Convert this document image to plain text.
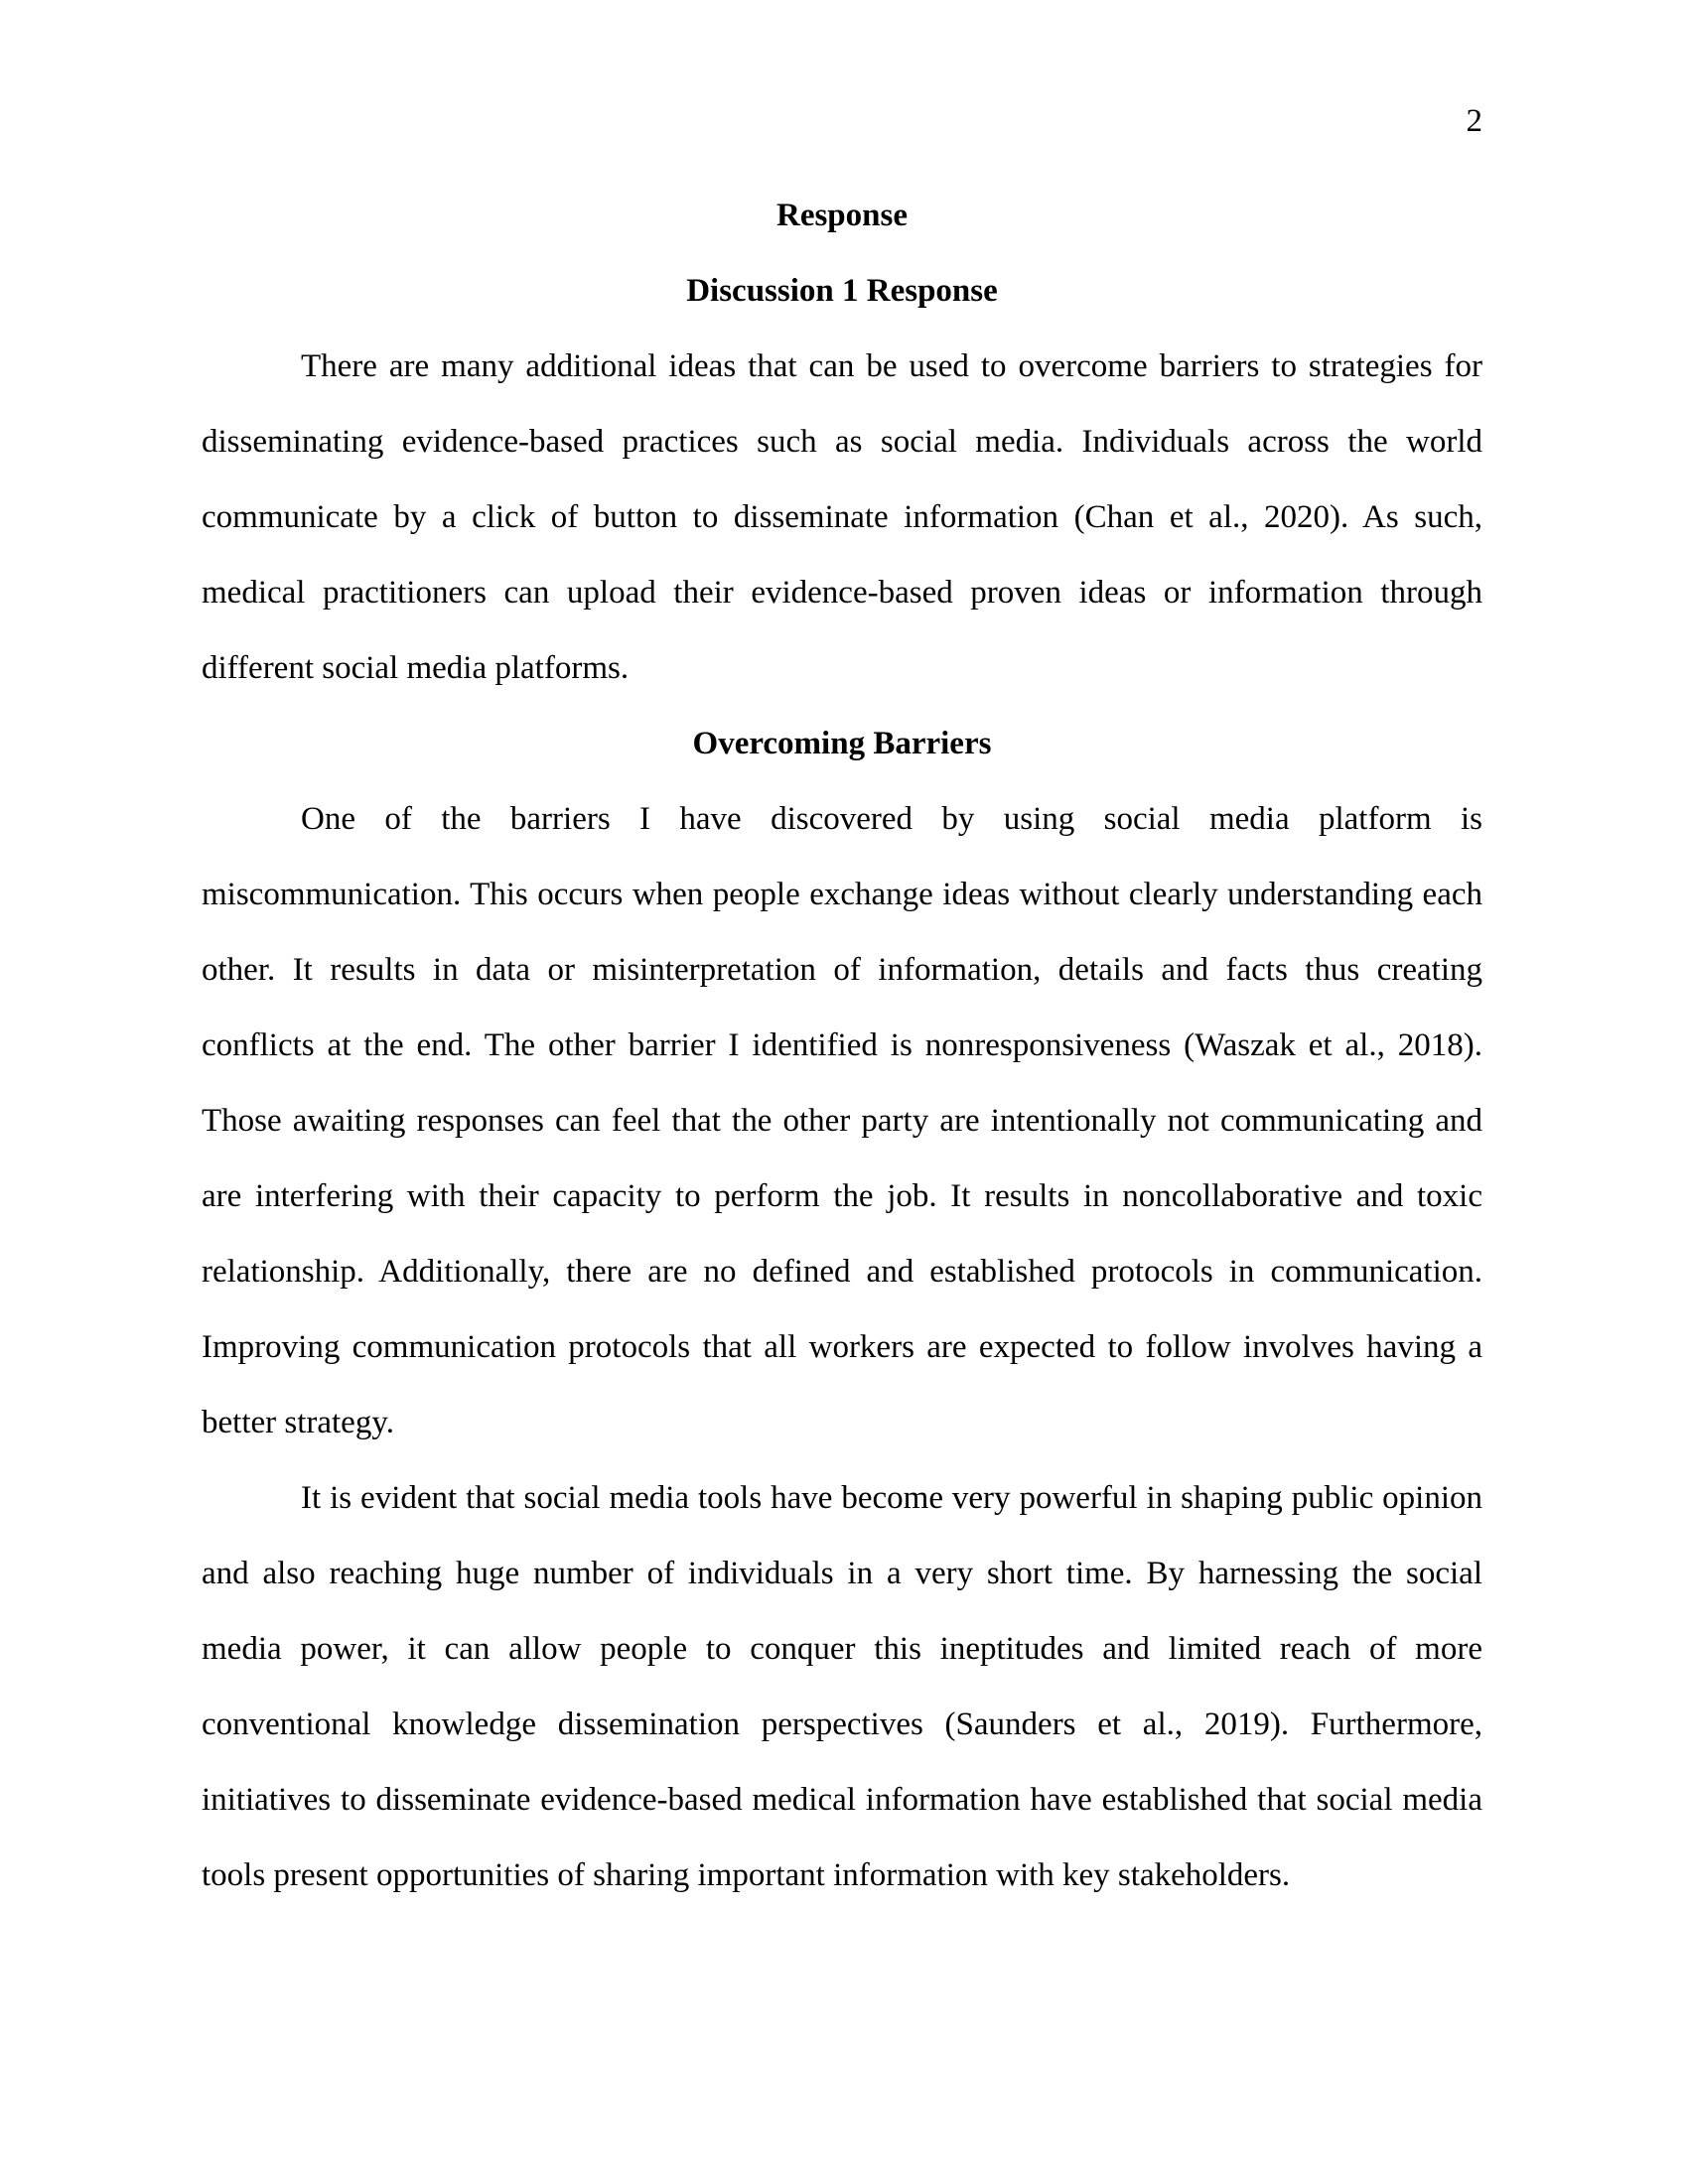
2
Response
Discussion 1 Response

There are many additional ideas that can be used to overcome barriers to strategies for disseminating evidence-based practices such as social media. Individuals across the world communicate by a click of button to disseminate information (Chan et al., 2020). As such, medical practitioners can upload their evidence-based proven ideas or information through different social media platforms.

Overcoming Barriers

One of the barriers I have discovered by using social media platform is miscommunication. This occurs when people exchange ideas without clearly understanding each other. It results in data or misinterpretation of information, details and facts thus creating conflicts at the end. The other barrier I identified is nonresponsiveness (Waszak et al., 2018). Those awaiting responses can feel that the other party are intentionally not communicating and are interfering with their capacity to perform the job. It results in noncollaborative and toxic relationship. Additionally, there are no defined and established protocols in communication. Improving communication protocols that all workers are expected to follow involves having a better strategy.

It is evident that social media tools have become very powerful in shaping public opinion and also reaching huge number of individuals in a very short time. By harnessing the social media power, it can allow people to conquer this ineptitudes and limited reach of more conventional knowledge dissemination perspectives (Saunders et al., 2019). Furthermore, initiatives to disseminate evidence-based medical information have established that social media tools present opportunities of sharing important information with key stakeholders.
